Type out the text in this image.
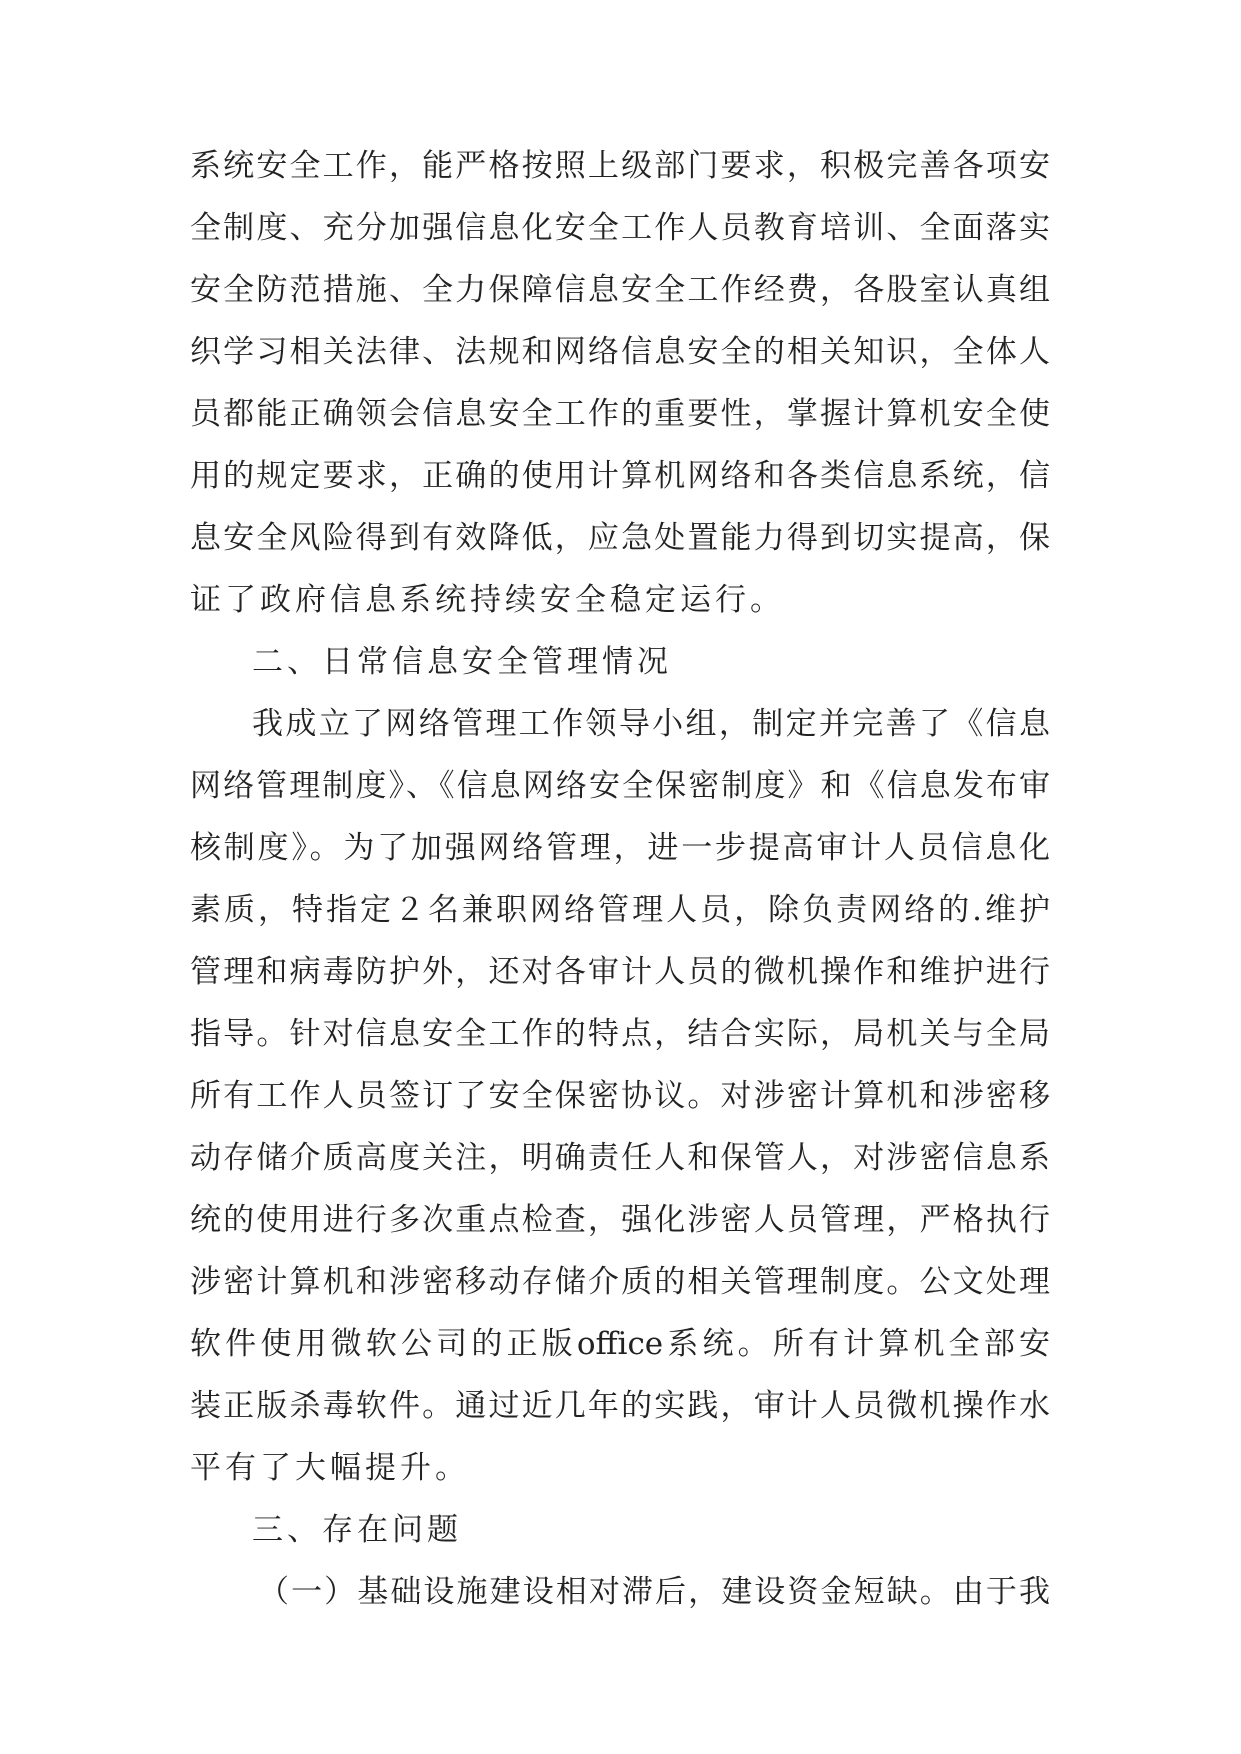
系统安全工作，能严格按照上级部门要求，积极完善各项安
全制度、充分加强信息化安全工作人员教育培训、全面落实
安全防范措施、全力保障信息安全工作经费，各股室认真组
织学习相关法律、法规和网络信息安全的相关知识，全体人
员都能正确领会信息安全工作的重要性，掌握计算机安全使
用的规定要求，正确的使用计算机网络和各类信息系统，信
息安全风险得到有效降低，应急处置能力得到切实提高，保
证了政府信息系统持续安全稳定运行。
二、日常信息安全管理情况
我成立了网络管理工作领导小组，制定并完善了《信息
网络管理制度》、《信息网络安全保密制度》和《信息发布审
核制度》。为了加强网络管理，进一步提高审计人员信息化
素质，特指定２名兼职网络管理人员，除负责网络的.维护
管理和病毒防护外，还对各审计人员的微机操作和维护进行
指导。针对信息安全工作的特点，结合实际，局机关与全局
所有工作人员签订了安全保密协议。对涉密计算机和涉密移
动存储介质高度关注，明确责任人和保管人，对涉密信息系
统的使用进行多次重点检查，强化涉密人员管理，严格执行
涉密计算机和涉密移动存储介质的相关管理制度。公文处理
软件使用微软公司的正版office系统。所有计算机全部安
装正版杀毒软件。通过近几年的实践，审计人员微机操作水
平有了大幅提升。
三、存在问题
（一）基础设施建设相对滞后，建设资金短缺。由于我
